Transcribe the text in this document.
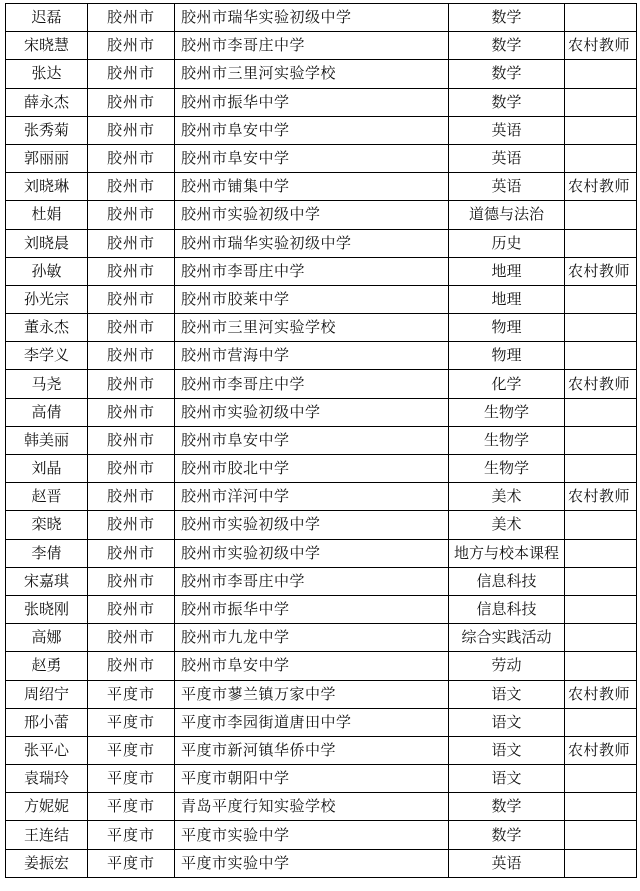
迟磊	胶州市	胶州市瑞华实验初级中学	数学	
宋晓慧	胶州市	胶州市李哥庄中学	数学	农村教师
张达	胶州市	胶州市三里河实验学校	数学	
薛永杰	胶州市	胶州市振华中学	数学	
张秀菊	胶州市	胶州市阜安中学	英语	
郭丽丽	胶州市	胶州市阜安中学	英语	
刘晓琳	胶州市	胶州市铺集中学	英语	农村教师
杜娟	胶州市	胶州市实验初级中学	道德与法治	
刘晓晨	胶州市	胶州市瑞华实验初级中学	历史	
孙敏	胶州市	胶州市李哥庄中学	地理	农村教师
孙光宗	胶州市	胶州市胶莱中学	地理	
董永杰	胶州市	胶州市三里河实验学校	物理	
李学义	胶州市	胶州市营海中学	物理	
马尧	胶州市	胶州市李哥庄中学	化学	农村教师
高倩	胶州市	胶州市实验初级中学	生物学	
韩美丽	胶州市	胶州市阜安中学	生物学	
刘晶	胶州市	胶州市胶北中学	生物学	
赵晋	胶州市	胶州市洋河中学	美术	农村教师
栾晓	胶州市	胶州市实验初级中学	美术	
李倩	胶州市	胶州市实验初级中学	地方与校本课程	
宋嘉琪	胶州市	胶州市李哥庄中学	信息科技	
张晓刚	胶州市	胶州市振华中学	信息科技	
高娜	胶州市	胶州市九龙中学	综合实践活动	
赵勇	胶州市	胶州市阜安中学	劳动	
周绍宁	平度市	平度市蓼兰镇万家中学	语文	农村教师
邢小蕾	平度市	平度市李园街道唐田中学	语文	
张平心	平度市	平度市新河镇华侨中学	语文	农村教师
袁瑞玲	平度市	平度市朝阳中学	语文	
方妮妮	平度市	青岛平度行知实验学校	数学	
王连结	平度市	平度市实验中学	数学	
姜振宏	平度市	平度市实验中学	英语	
